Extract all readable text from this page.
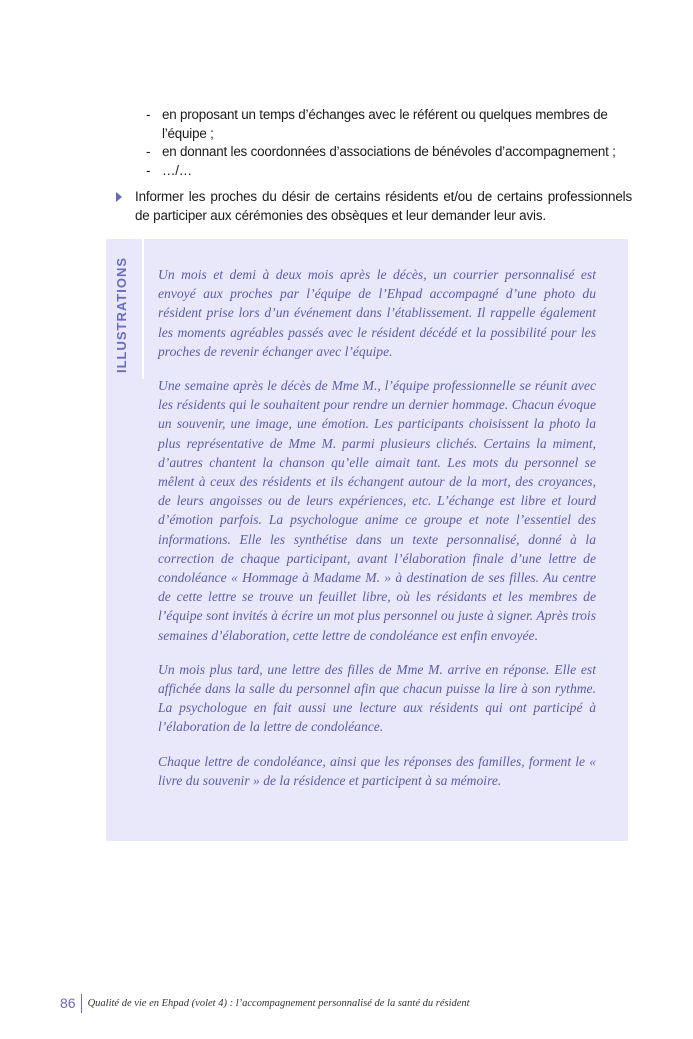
- en proposant un temps d’échanges avec le référent ou quelques membres de l’équipe ;
- en donnant les coordonnées d’associations de bénévoles d’accompagnement ;
- …/…
Informer les proches du désir de certains résidents et/ou de certains professionnels de participer aux cérémonies des obsèques et leur demander leur avis.
ILLUSTRATIONS Un mois et demi à deux mois après le décès, un courrier personnalisé est envoyé aux proches par l’équipe de l’Ehpad accompagné d’une photo du résident prise lors d’un événement dans l’établissement. Il rappelle également les moments agréables passés avec le résident décédé et la possibilité pour les proches de revenir échanger avec l’équipe.

Une semaine après le décès de Mme M., l’équipe professionnelle se réunit avec les résidents qui le souhaitent pour rendre un dernier hommage. Chacun évoque un souvenir, une image, une émotion. Les participants choisissent la photo la plus représentative de Mme M. parmi plusieurs clichés. Certains la miment, d’autres chantent la chanson qu’elle aimait tant. Les mots du personnel se mêlent à ceux des résidents et ils échangent autour de la mort, des croyances, de leurs angoisses ou de leurs expériences, etc. L’échange est libre et lourd d’émotion parfois. La psychologue anime ce groupe et note l’essentiel des informations. Elle les synthétise dans un texte personnalisé, donné à la correction de chaque participant, avant l’élaboration finale d’une lettre de condoléance « Hommage à Madame M. » à destination de ses filles. Au centre de cette lettre se trouve un feuillet libre, où les résidants et les membres de l’équipe sont invités à écrire un mot plus personnel ou juste à signer. Après trois semaines d’élaboration, cette lettre de condoléance est enfin envoyée.

Un mois plus tard, une lettre des filles de Mme M. arrive en réponse. Elle est affichée dans la salle du personnel afin que chacun puisse la lire à son rythme. La psychologue en fait aussi une lecture aux résidents qui ont participé à l’élaboration de la lettre de condoléance.

Chaque lettre de condoléance, ainsi que les réponses des familles, forment le « livre du souvenir » de la résidence et participent à sa mémoire.

86	Qualité de vie en Ehpad (volet 4) : l’accompagnement personnalisé de la santé du résident
